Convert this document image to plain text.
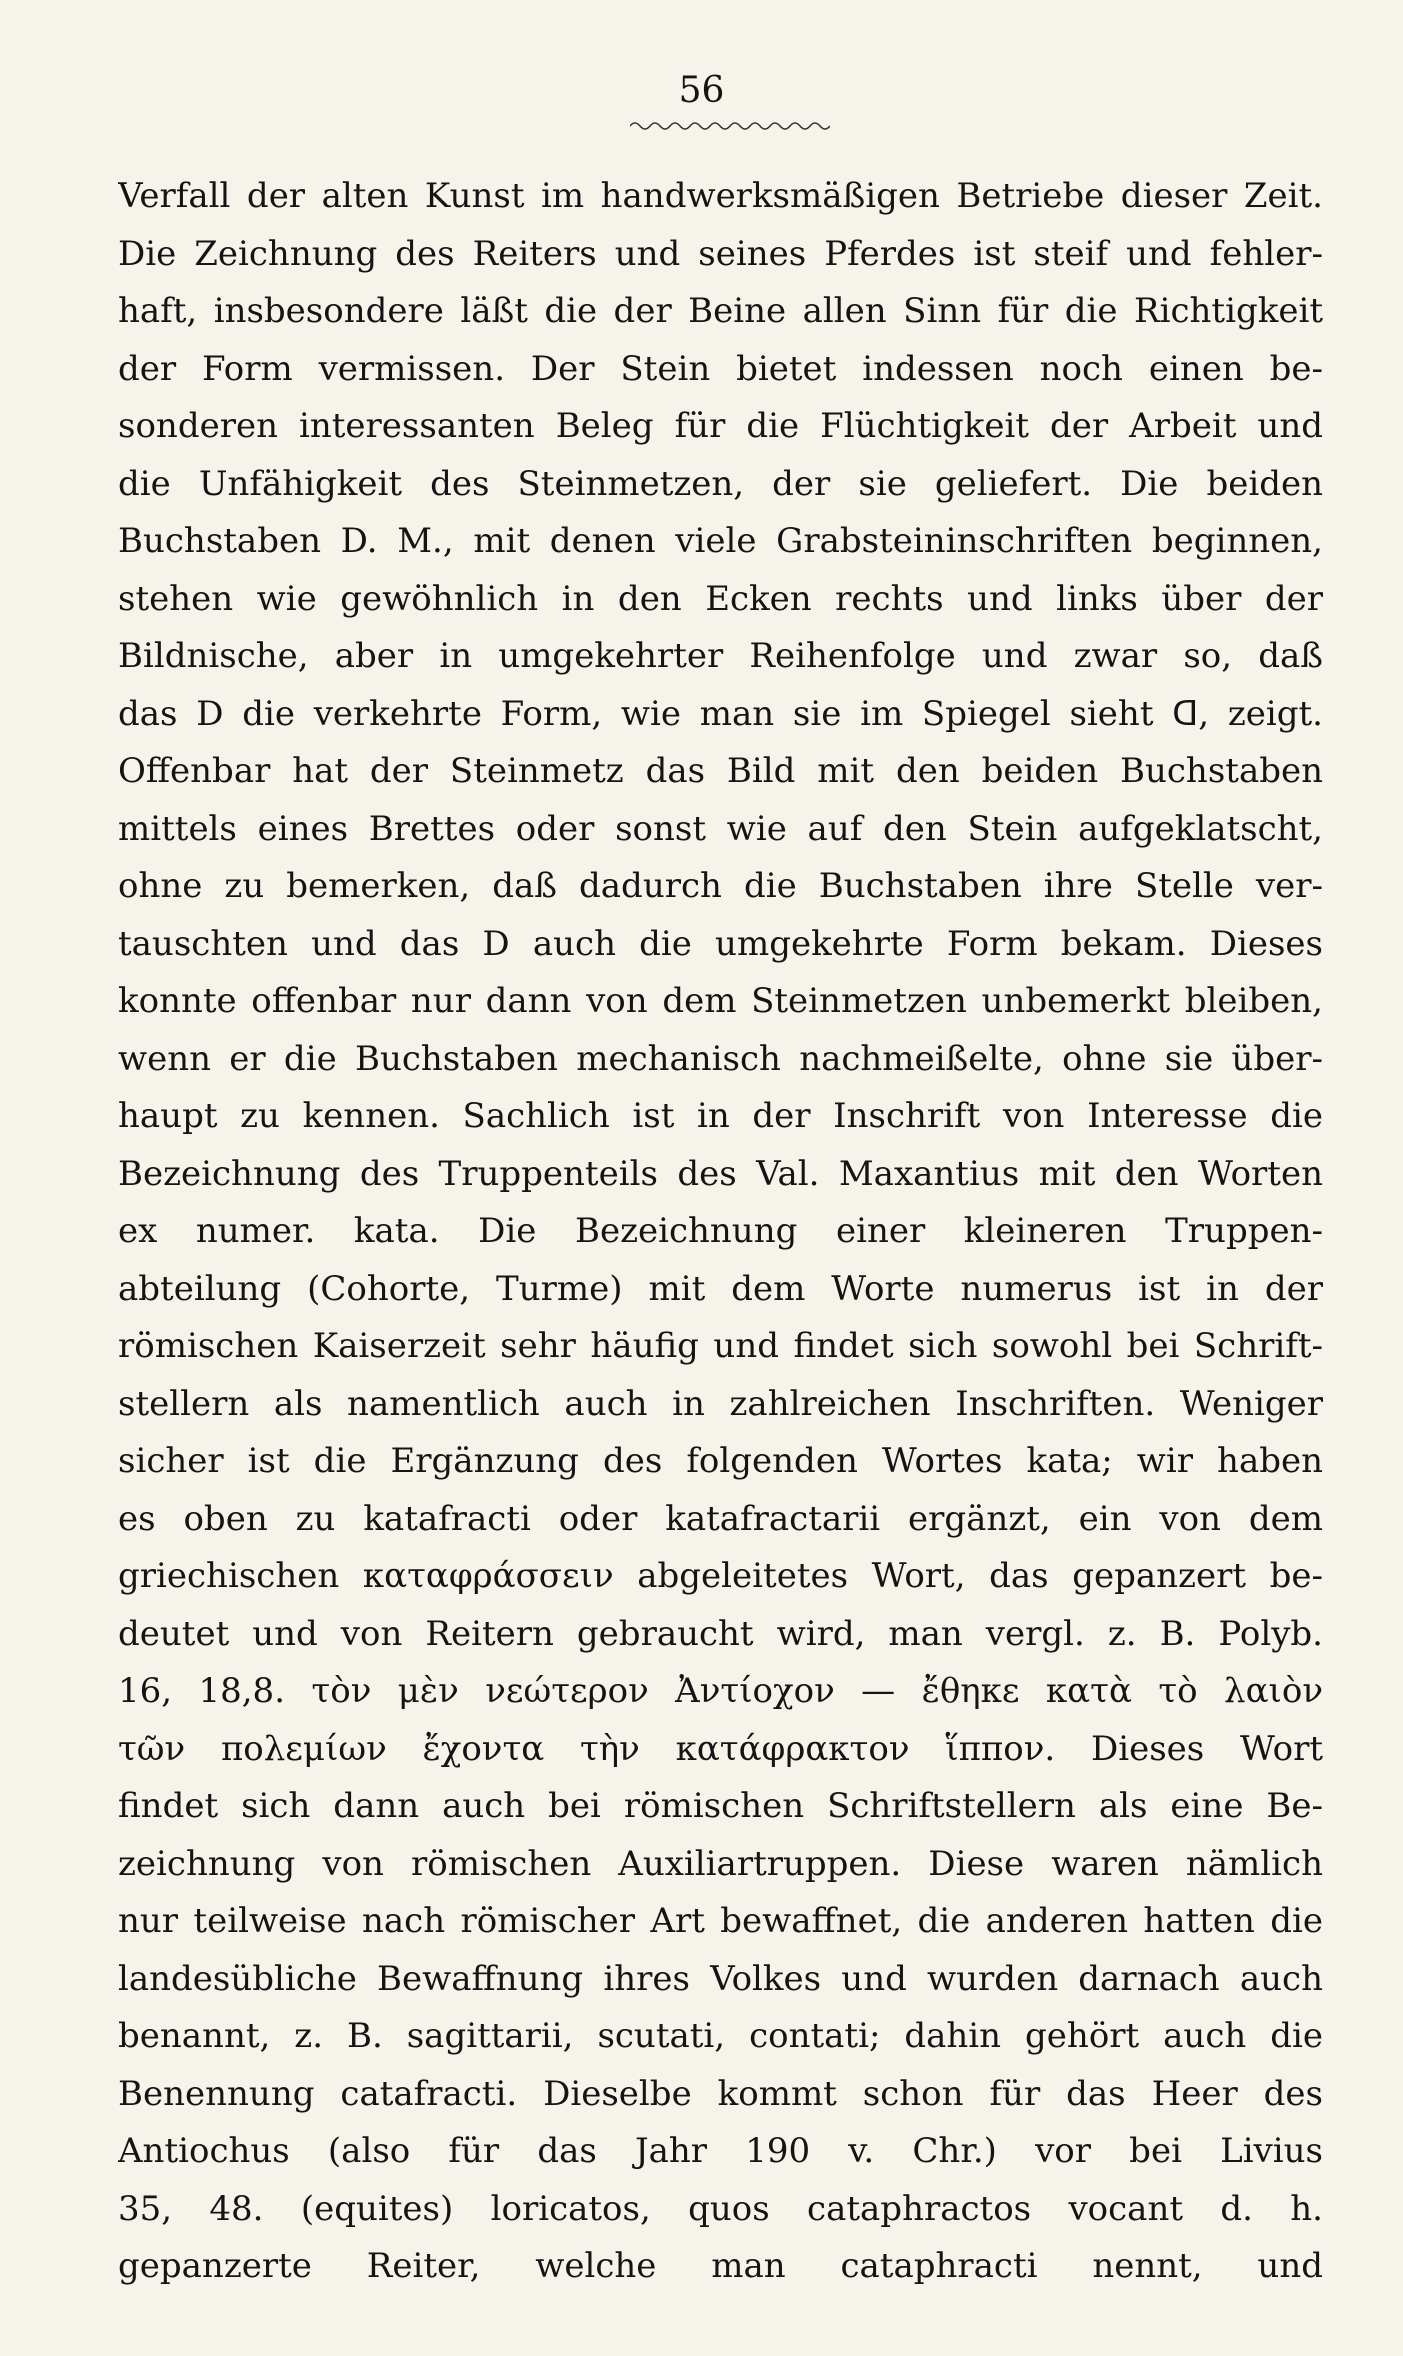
56
Verfall der alten Kunst im handwerksmäßigen Betriebe dieser Zeit.
Die Zeichnung des Reiters und seines Pferdes ist steif und fehler-
haft, insbesondere läßt die der Beine allen Sinn für die Richtigkeit
der Form vermissen. Der Stein bietet indessen noch einen be-
sonderen interessanten Beleg für die Flüchtigkeit der Arbeit und
die Unfähigkeit des Steinmetzen, der sie geliefert. Die beiden
Buchstaben D. M., mit denen viele Grabsteininschriften beginnen,
stehen wie gewöhnlich in den Ecken rechts und links über der
Bildnische, aber in umgekehrter Reihenfolge und zwar so, daß
das D die verkehrte Form, wie man sie im Spiegel sieht ᗡ, zeigt.
Offenbar hat der Steinmetz das Bild mit den beiden Buchstaben
mittels eines Brettes oder sonst wie auf den Stein aufgeklatscht,
ohne zu bemerken, daß dadurch die Buchstaben ihre Stelle ver-
tauschten und das D auch die umgekehrte Form bekam. Dieses
konnte offenbar nur dann von dem Steinmetzen unbemerkt bleiben,
wenn er die Buchstaben mechanisch nachmeißelte, ohne sie über-
haupt zu kennen. Sachlich ist in der Inschrift von Interesse die
Bezeichnung des Truppenteils des Val. Maxantius mit den Worten
ex numer. kata. Die Bezeichnung einer kleineren Truppen-
abteilung (Cohorte, Turme) mit dem Worte numerus ist in der
römischen Kaiserzeit sehr häufig und findet sich sowohl bei Schrift-
stellern als namentlich auch in zahlreichen Inschriften. Weniger
sicher ist die Ergänzung des folgenden Wortes kata; wir haben
es oben zu katafracti oder katafractarii ergänzt, ein von dem
griechischen καταφράσσειν abgeleitetes Wort, das gepanzert be-
deutet und von Reitern gebraucht wird, man vergl. z. B. Polyb.
16, 18,8. τὸν μὲν νεώτερον Ἀντίοχον — ἔθηκε κατὰ τὸ λαιὸν
τῶν πολεμίων ἔχοντα τὴν κατάφρακτον ἵππον. Dieses Wort
findet sich dann auch bei römischen Schriftstellern als eine Be-
zeichnung von römischen Auxiliartruppen. Diese waren nämlich
nur teilweise nach römischer Art bewaffnet, die anderen hatten die
landesübliche Bewaffnung ihres Volkes und wurden darnach auch
benannt, z. B. sagittarii, scutati, contati; dahin gehört auch die
Benennung catafracti. Dieselbe kommt schon für das Heer des
Antiochus (also für das Jahr 190 v. Chr.) vor bei Livius
35, 48. (equites) loricatos, quos cataphractos vocant d. h.
gepanzerte Reiter, welche man cataphracti nennt, und
